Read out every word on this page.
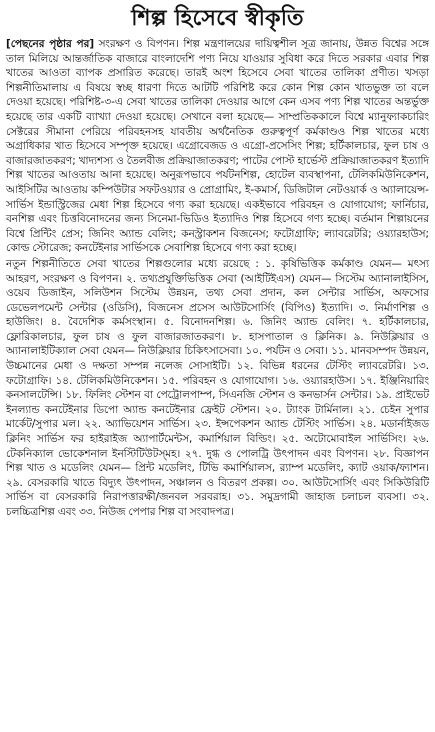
শিল্প হিসেবে স্বীকৃতি

[পেছনের পৃষ্ঠার পর] সংরক্ষণ ও বিপণন। শিল্প মন্ত্রণালয়ের দায়িত্বশীল সূত্র জানায়, উন্নত বিশ্বের সঙ্গে তাল মিলিয়ে আন্তর্জাতিক বাজারে বাংলাদেশি পণ্য নিয়ে যাওয়ার সুবিধা করে দিতে সরকার এবার শিল্প খাতের আওতা ব্যাপক প্রসারিত করেছে। তারই অংশ হিসেবে সেবা খাতের তালিকা প্রণীত। খসড়া শিল্পনীতিমালায় এ বিষয়ে স্বচ্ছ ধারণা দিতে আটটি পরিশিষ্ট করে কোন শিল্প কোন খাতভুক্ত তা বলে দেওয়া হয়েছে। পরিশিষ্ট-৩-এ সেবা খাতের তালিকা দেওয়ার আগে কেন এসব পণ্য শিল্প খাতের অন্তর্ভুক্ত হয়েছে তার একটি ব্যাখ্যা দেওয়া হয়েছে। সেখানে বলা হয়েছে— সাম্প্রতিককালে বিশ্বে ম্যানুফ্যাকচারিং সেক্টরের সীমানা পেরিয়ে পরিবহনসহ যাবতীয় অর্থনৈতিক গুরুত্বপূর্ণ কর্মকাণ্ডও শিল্প খাতের মধ্যে অগ্রাধিকার খাত হিসেবে সম্পৃক্ত হয়েছে। এগ্রোবেজড ও এগ্রো-প্রসেসিং শিল্প; হর্টিকালচার, ফুল চাষ ও বাজারজাতকরণ; খাদ্যশস্য ও তৈলবীজ প্রক্রিয়াজাতকরণ; পাটের পোস্ট হার্ভেস্ট প্রক্রিয়াজাতকরণ ইত্যাদি শিল্প খাতের আওতায় আনা হয়েছে। অনুরূপভাবে পর্যটনশিল্প, হোটেল ব্যবস্থাপনা, টেলিকমিউনিকেশন, আইসিটির আওতায় কম্পিউটার সফটওয়্যার ও প্রোগ্রামিং, ই-কমার্স, ডিজিটাল নেটওয়ার্ক ও অ্যালায়েন্স-সার্ভিস ইন্ডাস্ট্রিজের মেধা শিল্প হিসেবে গণ্য করা হয়েছে। একইভাবে পরিবহন ও যোগাযোগ; ফার্নিচার, বনশিল্প এবং চিত্তবিনোদনের জন্য সিনেমা-ভিডিও ইত্যাদিও শিল্প হিসেবে গণ্য হচ্ছে। বর্তমান শিল্পায়নের বিশ্বে প্রিন্টিং প্রেস; জিনিং অ্যান্ড বেলিং; কনস্ট্রাকশন বিজনেস; ফটোগ্রাফি; ল্যাবরেটরি; ওয়্যারহাউস; কোল্ড স্টোরেজ; কনটেইনার সার্ভিসকে সেবাশিল্প হিসেবে গণ্য করা হচ্ছে।

নতুন শিল্পনীতিতে সেবা খাতের শিল্পগুলোর মধ্যে রয়েছে : ১. কৃষিভিত্তিক কর্মকাণ্ড যেমন— মৎস্য আহরণ, সংরক্ষণ ও বিপণন। ২. তথ্যপ্রযুক্তিভিত্তিক সেবা (আইটিইএস) যেমন— সিস্টেম অ্যানালাইসিস, ওয়েব ডিজাইন, সলিউশন সিস্টেম উন্নয়ন, তথ্য সেবা প্রদান, কল সেন্টার সার্ভিস, অফসোর ডেভেলপমেন্ট সেন্টার (ওডিসি), বিজনেস প্রসেস আউটসোর্সিং (বিপিও) ইত্যাদি। ৩. নির্মাণশিল্প ও হাউজিং। ৪. বৈদেশিক কর্মসংস্থান। ৫. বিনোদনশিল্প। ৬. জিনিং অ্যান্ড বেলিং। ৭. হর্টিকালচার, ফ্লোরিকালচার, ফুল চাষ ও ফুল বাজারজাতকরণ। ৮. হাসপাতাল ও ক্লিনিক। ৯. নিউক্লিয়ার ও অ্যানালাইটিক্যাল সেবা যেমন— নিউক্লিয়ার চিকিৎসাসেবা। ১০. পর্যটন ও সেবা। ১১. মানবসম্পদ উন্নয়ন, উচ্চমানের মেধা ও দক্ষতা সম্পন্ন নলেজ সোসাইটি। ১২. বিভিন্ন ধরনের টেস্টিং ল্যাবরেটরি। ১৩. ফটোগ্রাফি। ১৪. টেলিকমিউনিকেশন। ১৫. পরিবহন ও যোগাযোগ। ১৬. ওয়্যারহাউস। ১৭. ইঞ্জিনিয়ারিং কনসালটেন্সি। ১৮. ফিলিং স্টেশন বা পেট্রোলপাম্প, সিএনজি স্টেশন ও কনভার্সন সেন্টার। ১৯. প্রাইভেট ইনল্যান্ড কনটেইনার ডিপো অ্যান্ড কনটেইনার ফ্রেইট স্টেশন। ২০. ট্যাংক টার্মিনাল। ২১. চেইন সুপার মার্কেট/সুপার মল। ২২. অ্যাভিয়েশন সার্ভিস। ২৩. ইন্সপেকশন অ্যান্ড টেস্টিং সার্ভিস। ২৪. মডার্নাইজড ক্লিনিং সার্ভিস ফর হাইরাইজ অ্যাপার্টমেন্টস, কমার্শিয়াল বিল্ডিং। ২৫. অটোমোবাইল সার্ভিসিং। ২৬. টেকনিক্যাল ভোকেশনাল ইনস্টিটিউটস্‌মহ। ২৭. দুগ্ধ ও পোলট্রি উৎপাদন এবং বিপণন। ২৮. বিজ্ঞাপন শিল্প খাত ও মডেলিং যেমন— প্রিন্ট মডেলিং, টিভি কমার্শিয়ালস, র‌্যাম্প মডেলিং, ক্যাট ওয়াক/ফ্যাশন। ২৯. বেসরকারি খাতে বিদ্যুৎ উৎপাদন, সঞ্চালন ও বিতরণ প্রকল্প। ৩০. আউটসোর্সিং এবং সিকিউরিটি সার্ভিস বা বেসরকারি নিরাপত্তারক্ষী/জনবল সরবরাহ। ৩১. সমুদ্রগামী জাহাজ চলাচল ব্যবসা। ৩২. চলচ্চিত্রশিল্প এবং ৩৩. নিউজ পেপার শিল্প বা সংবাদপত্র।
